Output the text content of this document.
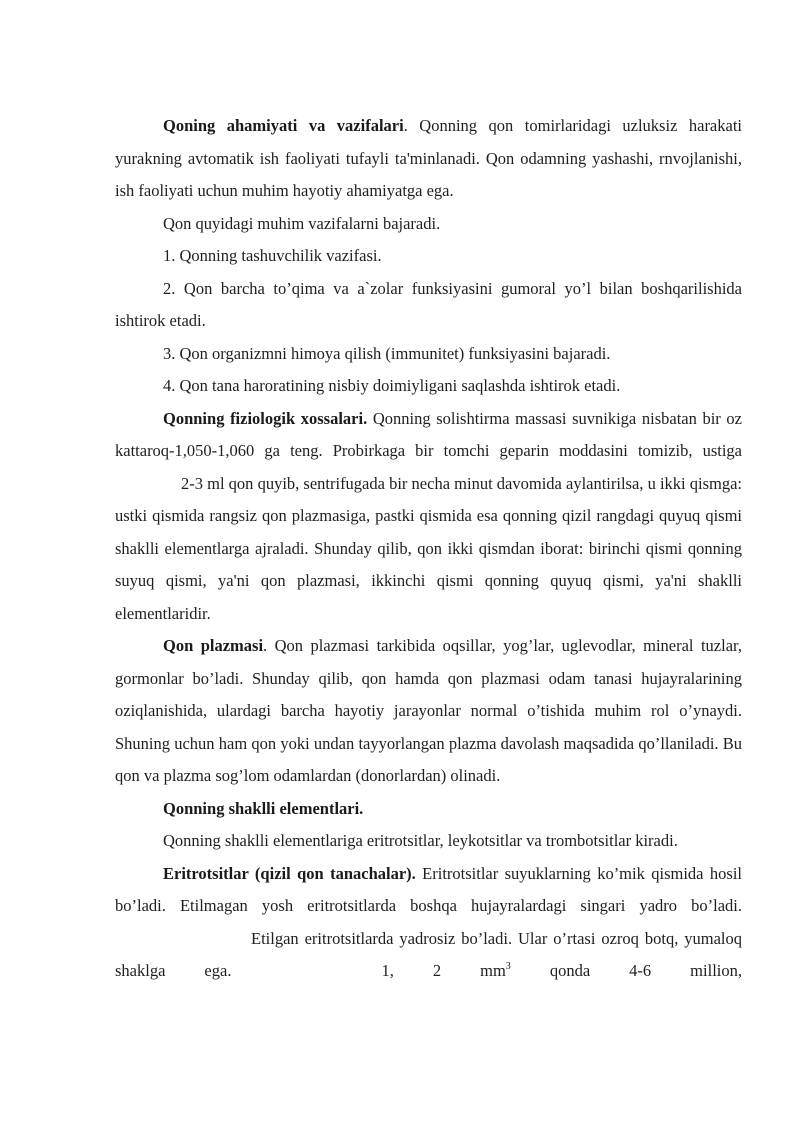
Qoning ahamiyati va vazifalari. Qonning qon tomirlaridagi uzluksiz harakati yurakning avtomatik ish faoliyati tufayli ta'minlanadi. Qon odamning yashashi, rnvojlanishi, ish faoliyati uchun muhim hayotiy ahamiyatga ega.

Qon quyidagi muhim vazifalarni bajaradi.

1. Qonning tashuvchilik vazifasi.

2. Qon barcha to’qima va a`zolar funksiyasini gumoral yo’l bilan boshqarilishida ishtirok etadi.

3. Qon organizmni himoya qilish (immunitet) funksiyasini bajaradi.

4. Qon tana haroratining nisbiy doimiyligani saqlashda ishtirok etadi.

Qonning fiziologik xossalari. Qonning solishtirma massasi suvnikiga nisbatan bir oz kattaroq-1,050-1,060 ga teng. Probirkaga bir tomchi geparin moddasini tomizib, ustiga2-3 ml qon quyib, sentrifugada bir necha minut davomida aylantirilsa, u ikki qismga: ustki qismida rangsiz qon plazmasiga, pastki qismida esa qonning qizil rangdagi quyuq qismi shaklli elementlarga ajraladi. Shunday qilib, qon ikki qismdan iborat: birinchi qismi qonning suyuq qismi, ya'ni qon plazmasi, ikkinchi qismi qonning quyuq qismi, ya'ni shaklli elementlaridir.

Qon plazmasi. Qon plazmasi tarkibida oqsillar, yog’lar, uglevodlar, mineral tuzlar, gormonlar bo’ladi. Shunday qilib, qon hamda qon plazmasi odam tanasi hujayralarining oziqlanishida, ulardagi barcha hayotiy jarayonlar normal o’tishida muhim rol o’ynaydi. Shuning uchun ham qon yoki undan tayyorlangan plazma davolash maqsadida qo’llaniladi. Bu qon va plazma sog’lom odamlardan (donorlardan) olinadi.

Qonning shaklli elementlari.

Qonning shaklli elementlariga eritrotsitlar, leykotsitlar va trombotsitlar kiradi.

Eritrotsitlar (qizil qon tanachalar). Eritrotsitlar suyuklarning ko’mik qismida hosil bo’ladi. Etilmagan yosh eritrotsitlarda boshqa hujayralardagi singari yadro bo’ladi.Etilgan eritrotsitlarda yadrosiz bo’ladi. Ular o’rtasi ozroq botq, yumaloq shaklga ega.	1, 2 $mm^3$ qonda 4-6 million,
